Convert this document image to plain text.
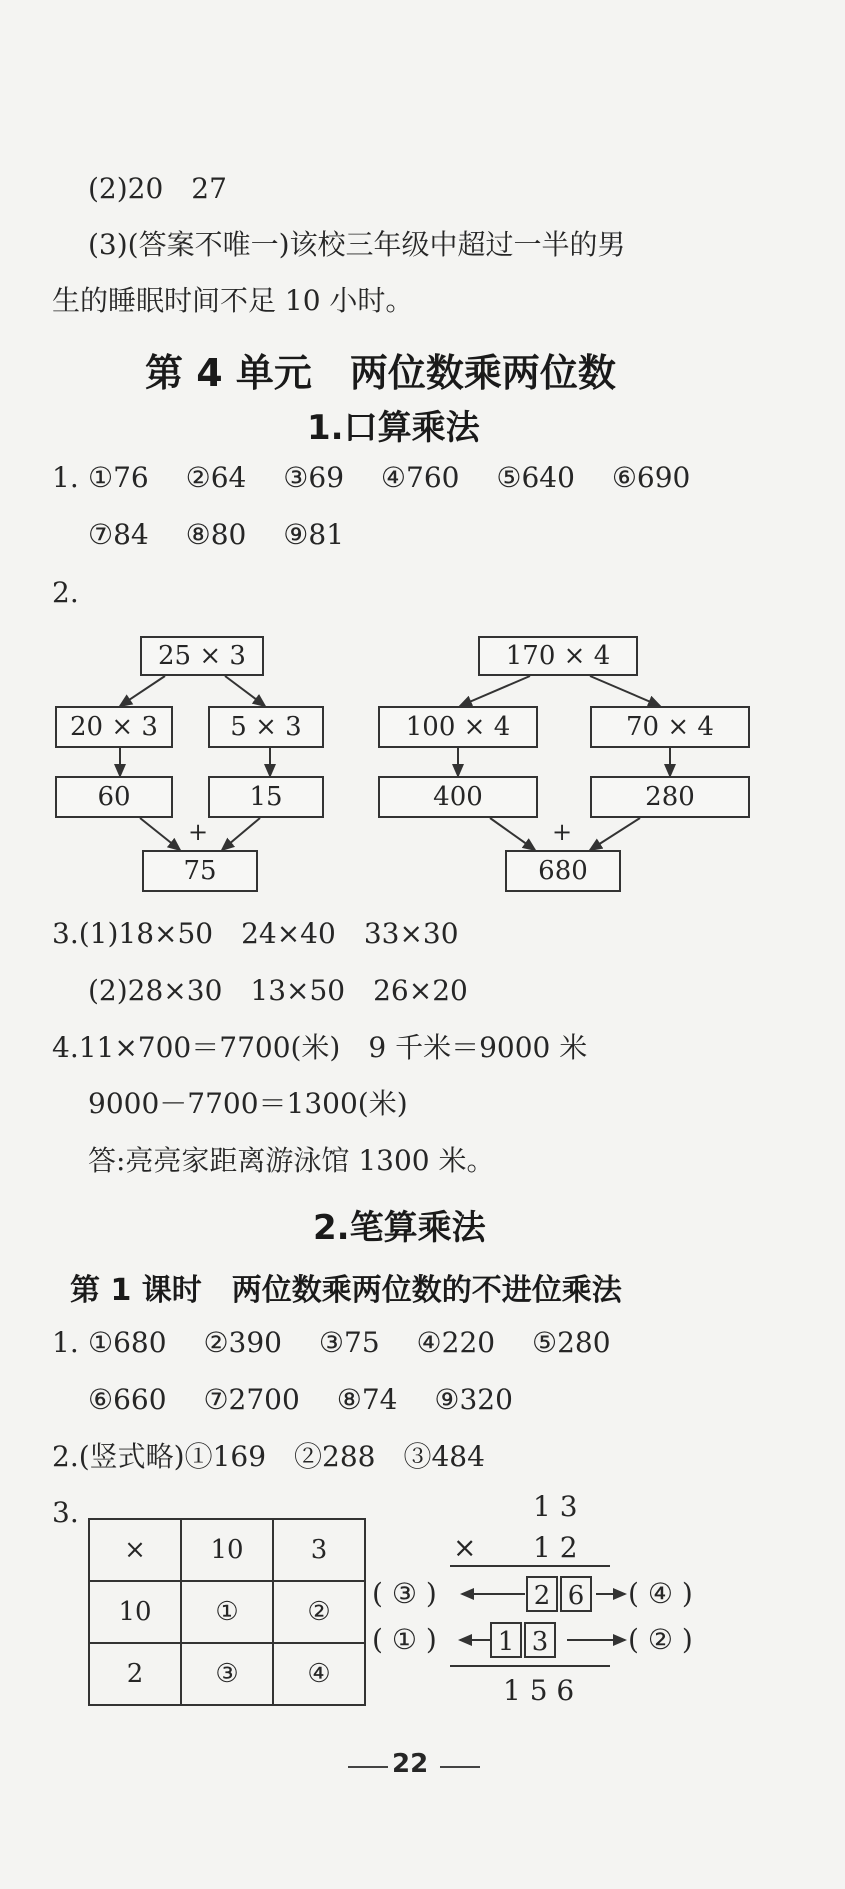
(2)20　27
(3)(答案不唯一)该校三年级中超过一半的男
生的睡眠时间不足 10 小时。
第 4 单元　两位数乘两位数
1.口算乘法
1. ①76 ②64 ③69 ④760 ⑤640 ⑥690
⑦84 ⑧80 ⑨81
2.
25 × 3
20 × 3	5 × 3
60	15
+
75
170 × 4
100 × 4	70 × 4
400	280
+
680
3.(1)18×50　24×40　33×30
(2)28×30　13×50　26×20
4.11×700＝7700(米)　9 千米＝9000 米
9000－7700＝1300(米)
答:亮亮家距离游泳馆 1300 米。
2.笔算乘法
第 1 课时　两位数乘两位数的不进位乘法
1. ①680 ②390 ③75 ④220 ⑤280
⑥660 ⑦2700 ⑧74 ⑨320
2.(竖式略)①169　②288　③484
3.
×	10	3
10	①	②
2	③	④
1 3
× 1 2
( ③ )	2 6	( ④ )
( ① ) 1 3	( ② )
1 5 6
22
